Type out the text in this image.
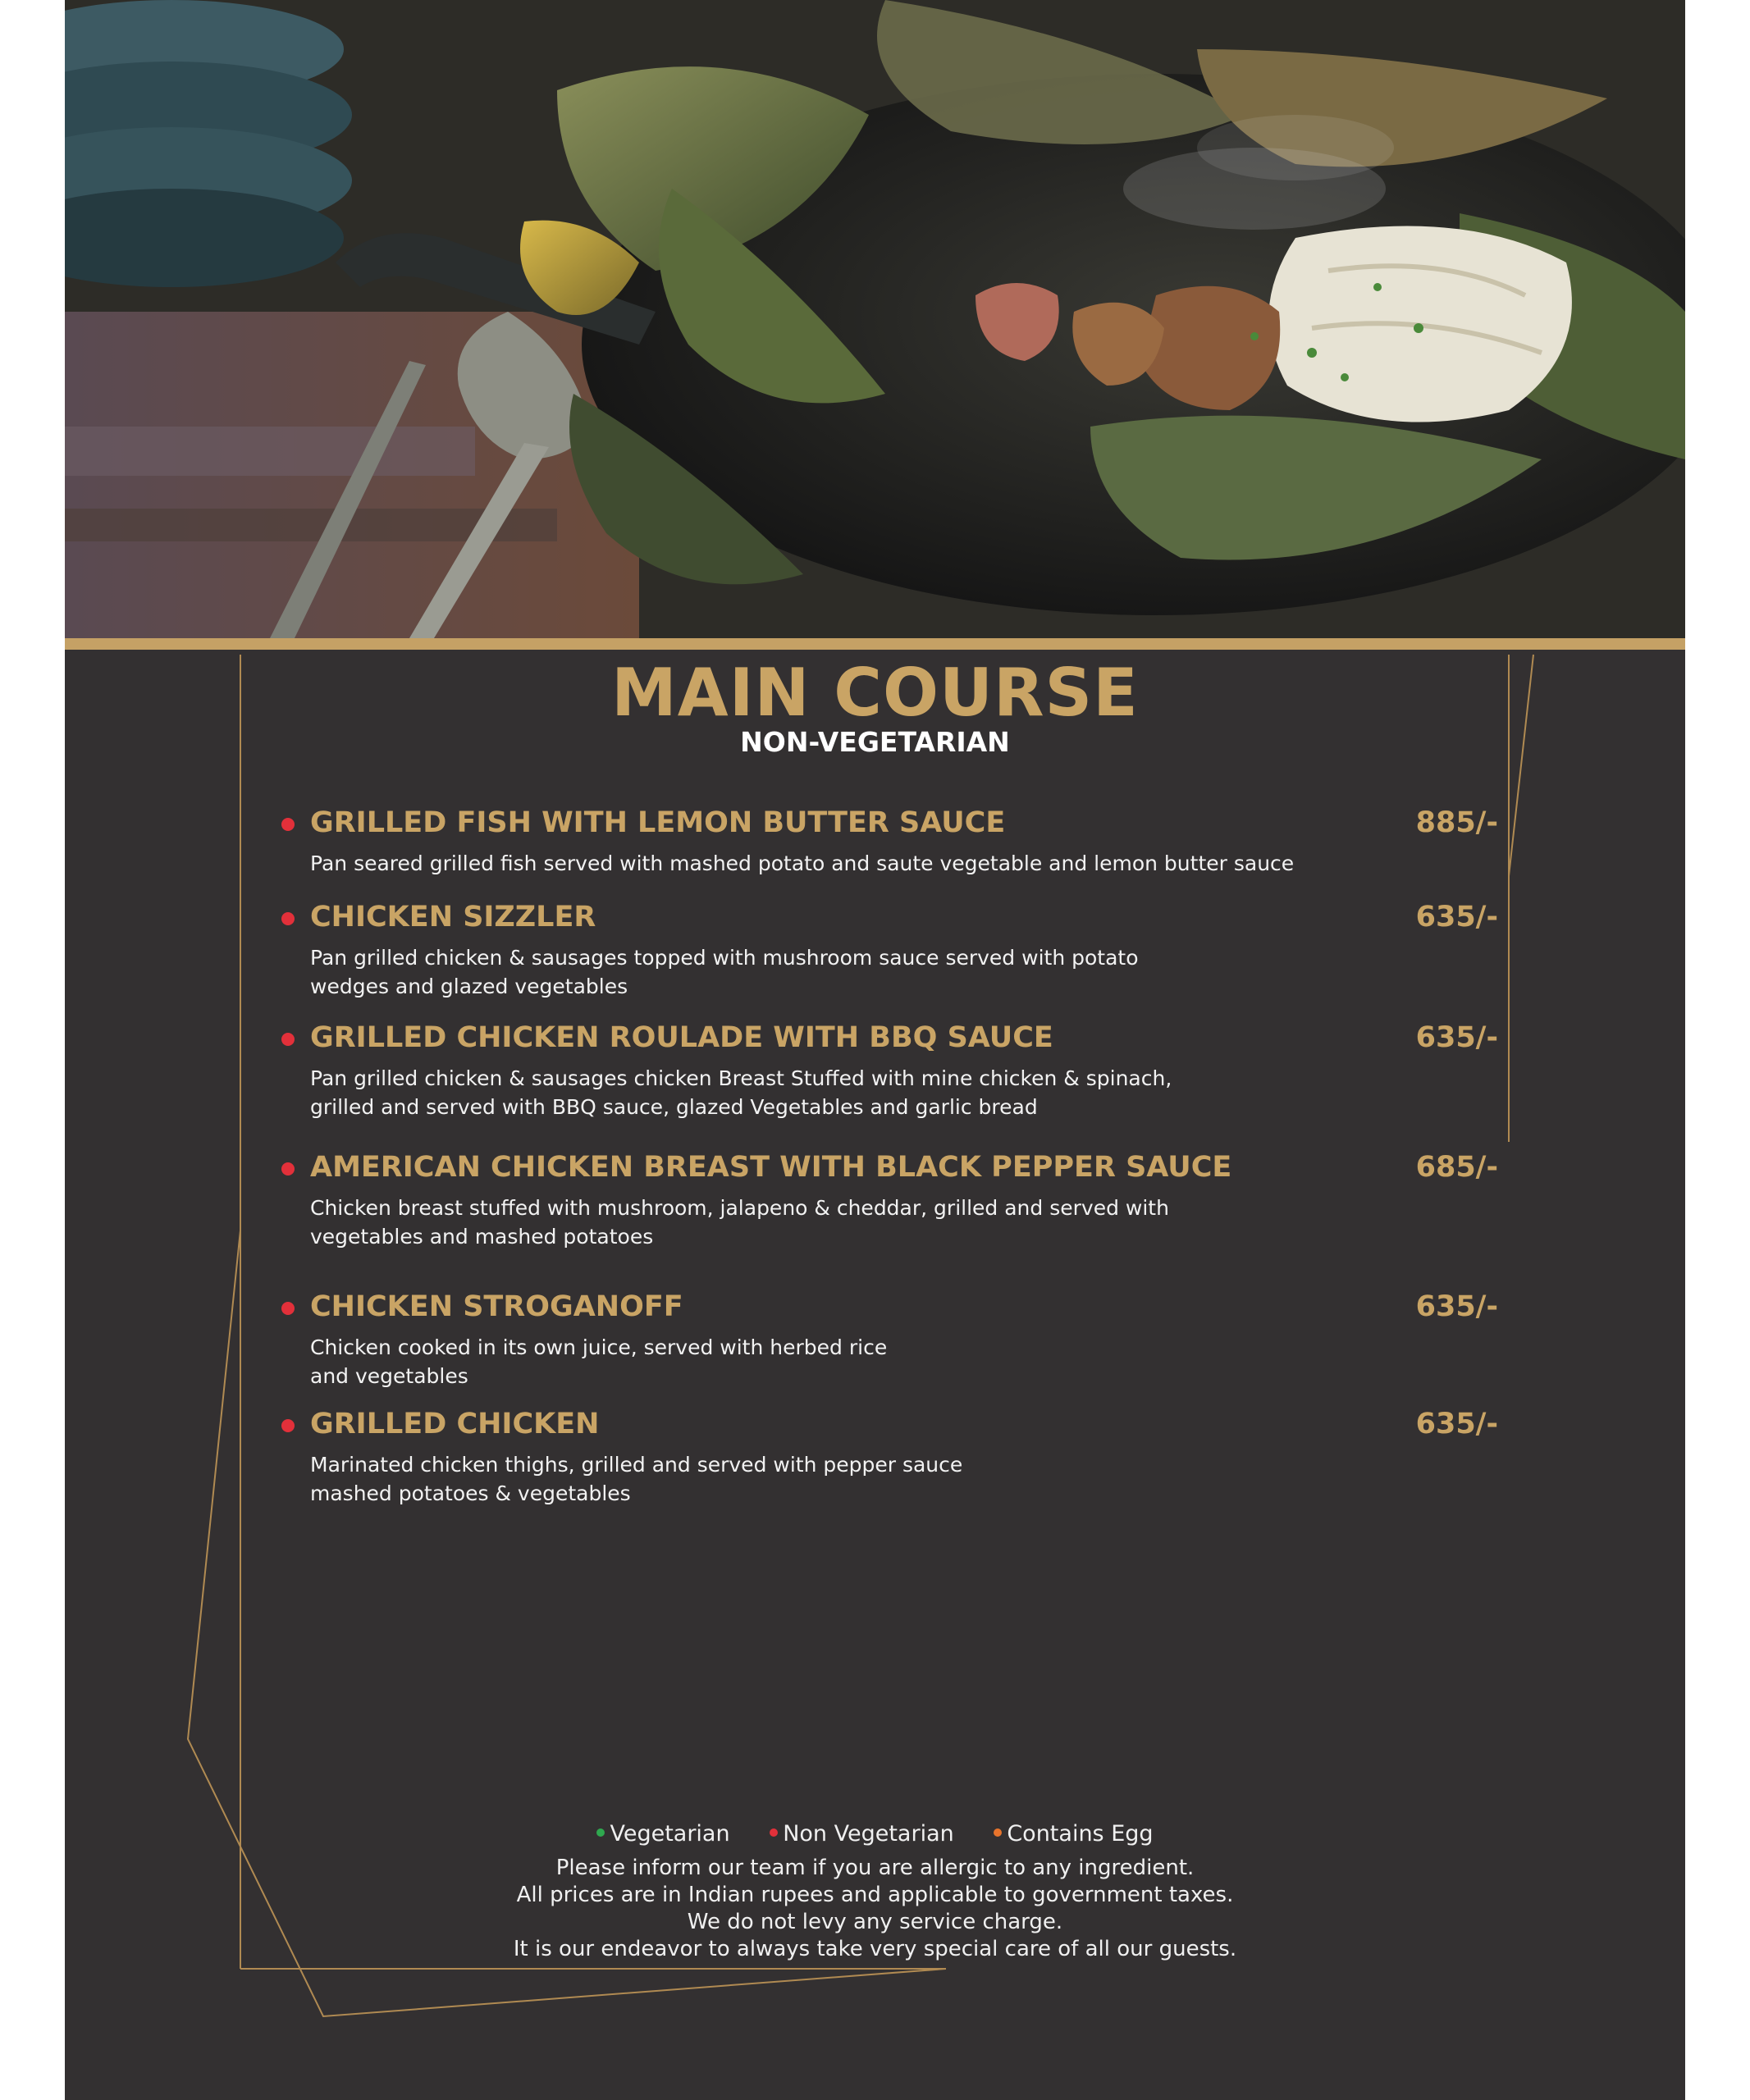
MAIN COURSE
NON-VEGETARIAN
GRILLED FISH WITH LEMON BUTTER SAUCE	885/-
Pan seared grilled fish served with mashed potato and saute vegetable and lemon butter sauce
CHICKEN SIZZLER	635/-
Pan grilled chicken & sausages topped with mushroom sauce served with potato
wedges and glazed vegetables
GRILLED CHICKEN ROULADE WITH BBQ SAUCE	635/-
Pan grilled chicken & sausages chicken Breast Stuffed with mine chicken & spinach,
grilled and served with BBQ sauce, glazed Vegetables and garlic bread
AMERICAN CHICKEN BREAST WITH BLACK PEPPER SAUCE	685/-
Chicken breast stuffed with mushroom, jalapeno & cheddar, grilled and served with
vegetables and mashed potatoes
CHICKEN STROGANOFF	635/-
Chicken cooked in its own juice, served with herbed rice
and vegetables
GRILLED CHICKEN	635/-
Marinated chicken thighs, grilled and served with pepper sauce
mashed potatoes & vegetables
Vegetarian Non Vegetarian Contains Egg
Please inform our team if you are allergic to any ingredient.
All prices are in Indian rupees and applicable to government taxes.
We do not levy any service charge.
It is our endeavor to always take very special care of all our guests.
